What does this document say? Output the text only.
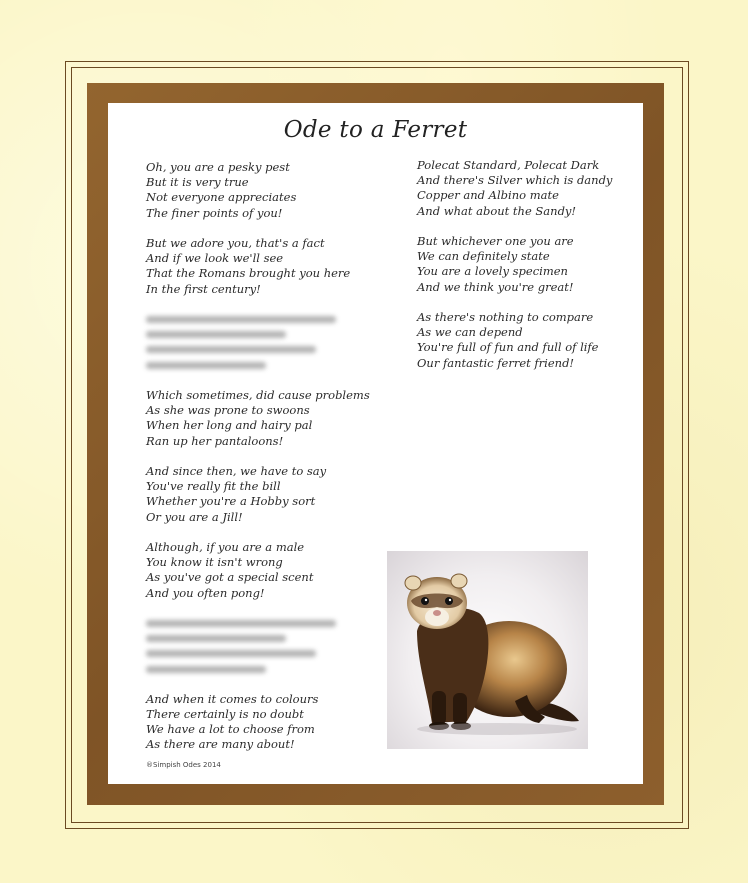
Ode to a Ferret
Oh, you are a pesky pest
But it is very true
Not everyone appreciates
The finer points of you!
But we adore you, that's a fact
And if we look we'll see
That the Romans brought you here
In the first century!
Which sometimes, did cause problems
As she was prone to swoons
When her long and hairy pal
Ran up her pantaloons!
And since then, we have to say
You've really fit the bill
Whether you're a Hobby sort
Or you are a Jill!
Although, if you are a male
You know it isn't wrong
As you've got a special scent
And you often pong!
And when it comes to colours
There certainly is no doubt
We have a lot to choose from
As there are many about!
Polecat Standard, Polecat Dark
And there's Silver which is dandy
Copper and Albino mate
And what about the Sandy!
But whichever one you are
We can definitely state
You are a lovely specimen
And we think you're great!
As there's nothing to compare
As we can depend
You're full of fun and full of life
Our fantastic ferret friend!
®Simpish Odes 2014
